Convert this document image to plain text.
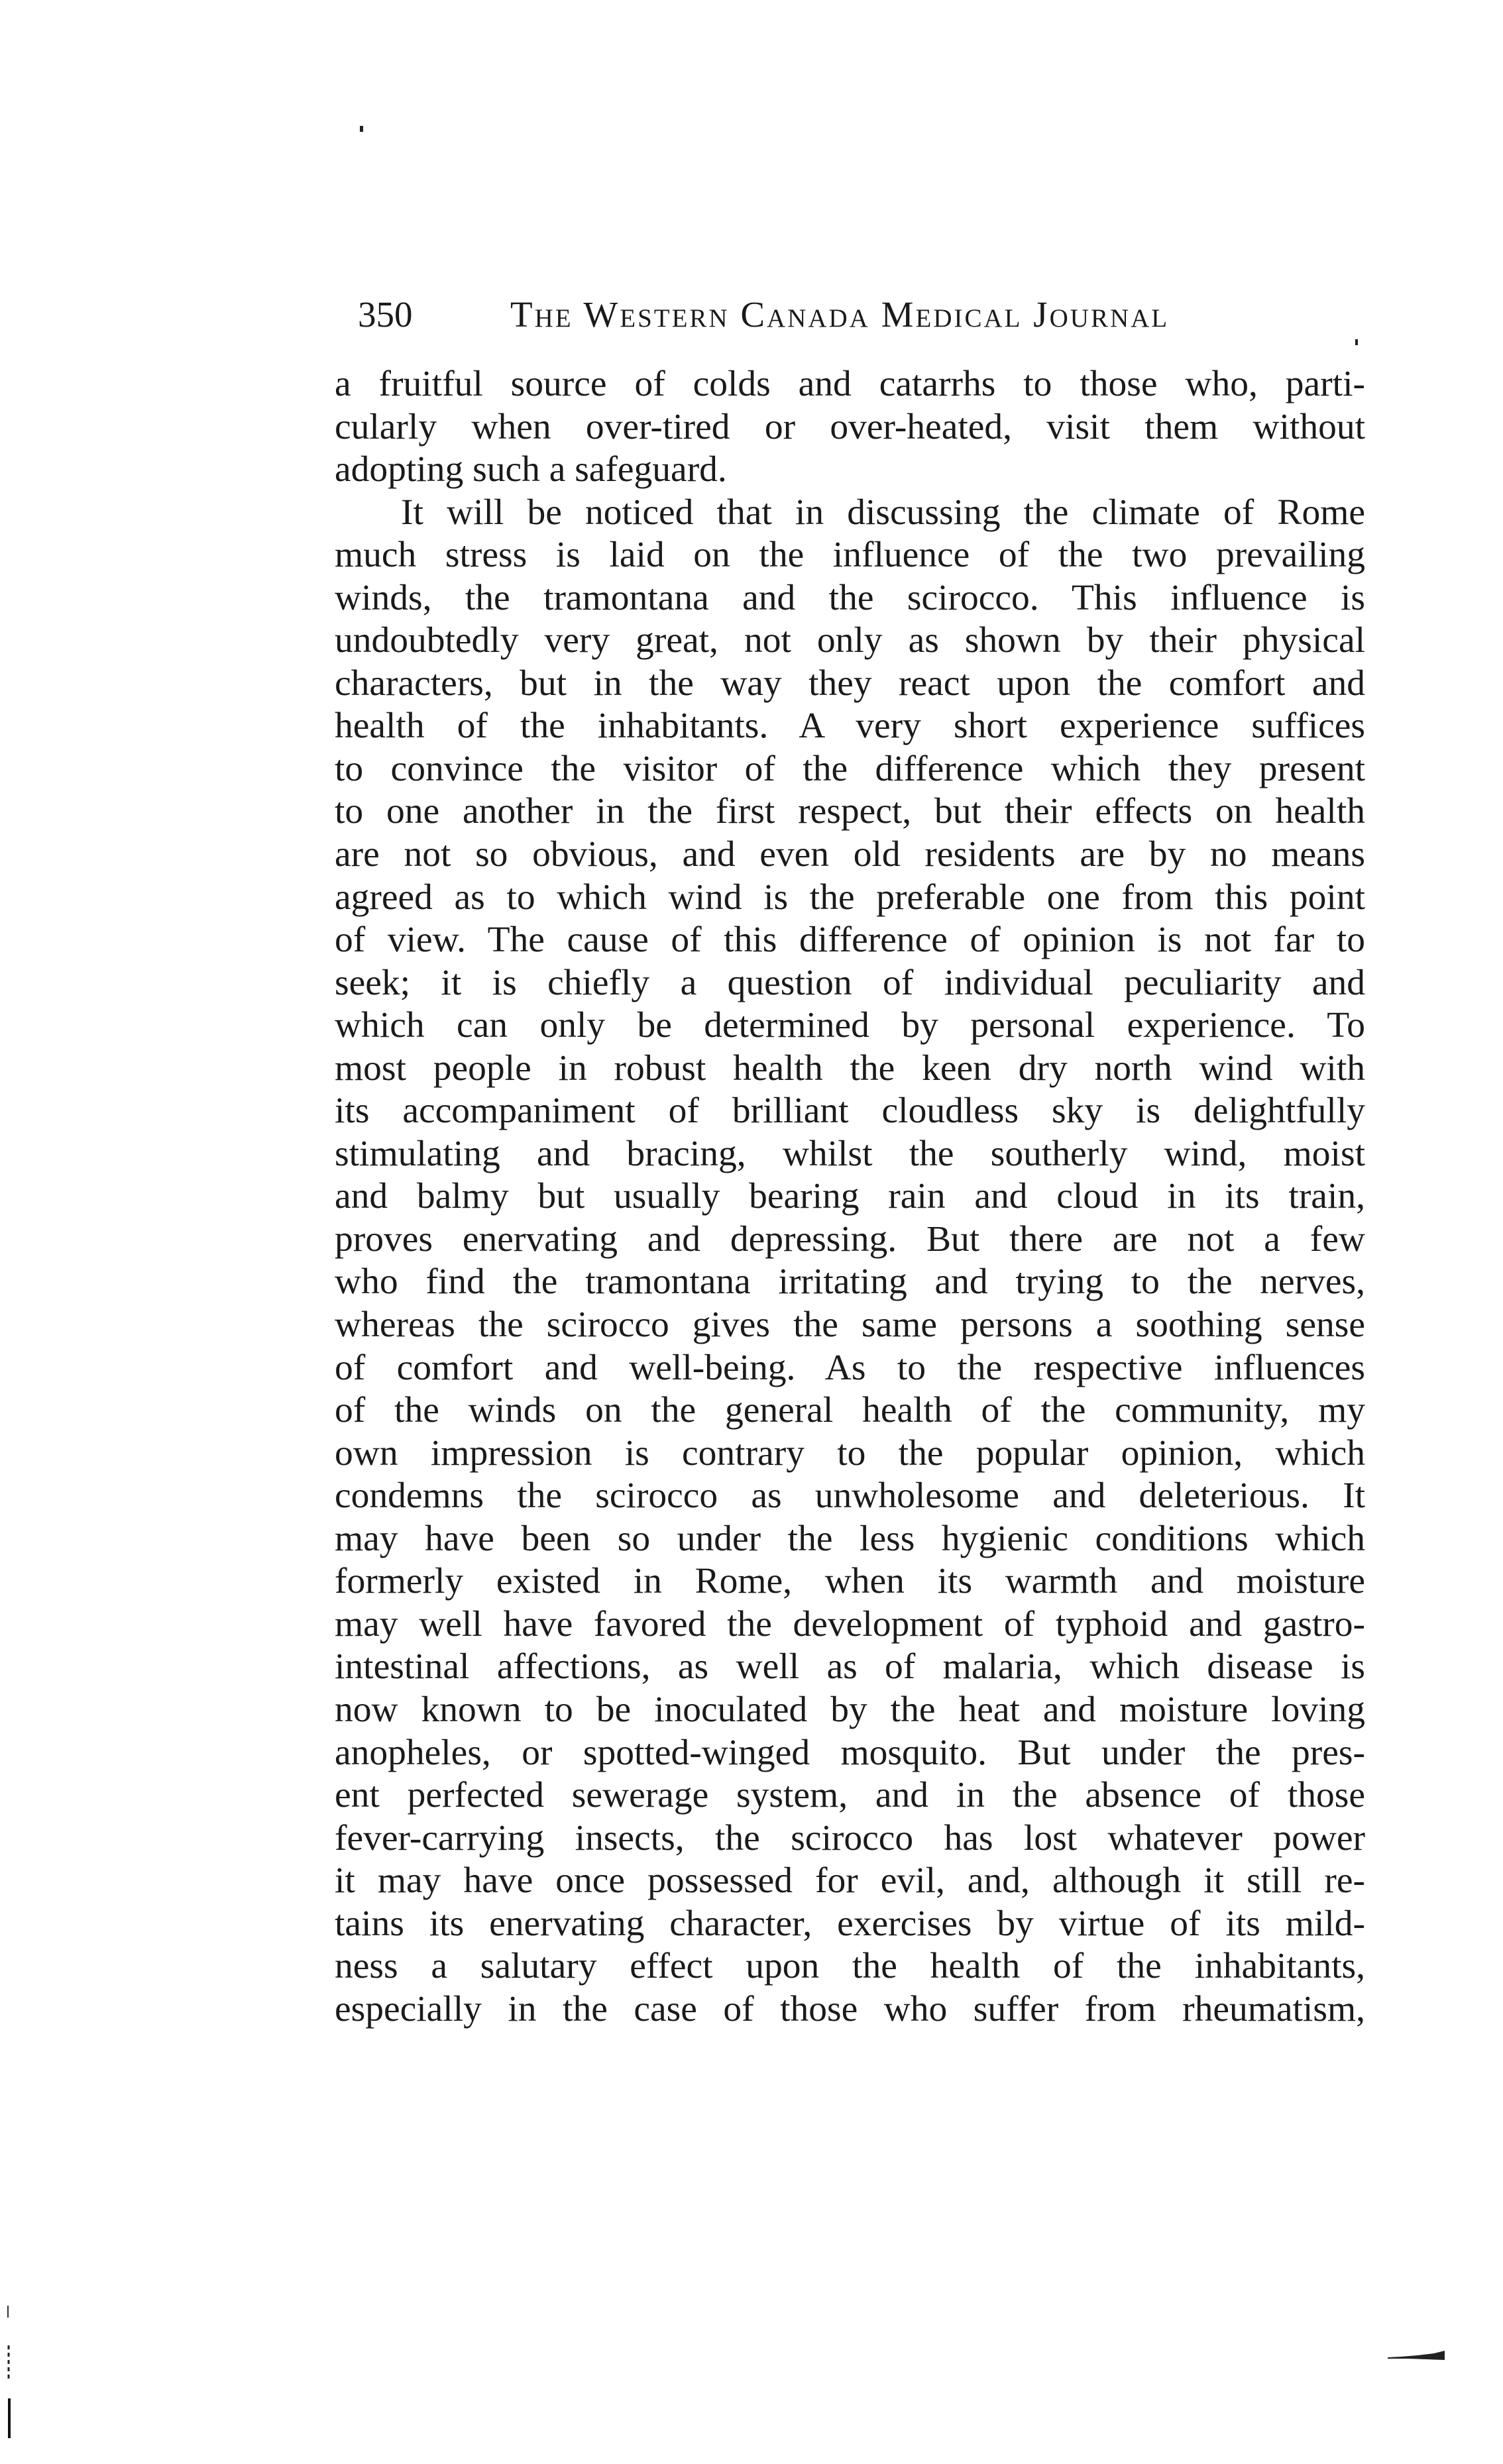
350	The Western Canada Medical Journal
a fruitful source of colds and catarrhs to those who, parti-
cularly when over-tired or over-heated, visit them without
adopting such a safeguard.
It will be noticed that in discussing the climate of Rome
much stress is laid on the influence of the two prevailing
winds, the tramontana and the scirocco. This influence is
undoubtedly very great, not only as shown by their physical
characters, but in the way they react upon the comfort and
health of the inhabitants. A very short experience suffices
to convince the visitor of the difference which they present
to one another in the first respect, but their effects on health
are not so obvious, and even old residents are by no means
agreed as to which wind is the preferable one from this point
of view. The cause of this difference of opinion is not far to
seek; it is chiefly a question of individual peculiarity and
which can only be determined by personal experience. To
most people in robust health the keen dry north wind with
its accompaniment of brilliant cloudless sky is delightfully
stimulating and bracing, whilst the southerly wind, moist
and balmy but usually bearing rain and cloud in its train,
proves enervating and depressing. But there are not a few
who find the tramontana irritating and trying to the nerves,
whereas the scirocco gives the same persons a soothing sense
of comfort and well-being. As to the respective influences
of the winds on the general health of the community, my
own impression is contrary to the popular opinion, which
condemns the scirocco as unwholesome and deleterious. It
may have been so under the less hygienic conditions which
formerly existed in Rome, when its warmth and moisture
may well have favored the development of typhoid and gastro-
intestinal affections, as well as of malaria, which disease is
now known to be inoculated by the heat and moisture loving
anopheles, or spotted-winged mosquito. But under the pres-
ent perfected sewerage system, and in the absence of those
fever-carrying insects, the scirocco has lost whatever power
it may have once possessed for evil, and, although it still re-
tains its enervating character, exercises by virtue of its mild-
ness a salutary effect upon the health of the inhabitants,
especially in the case of those who suffer from rheumatism,
